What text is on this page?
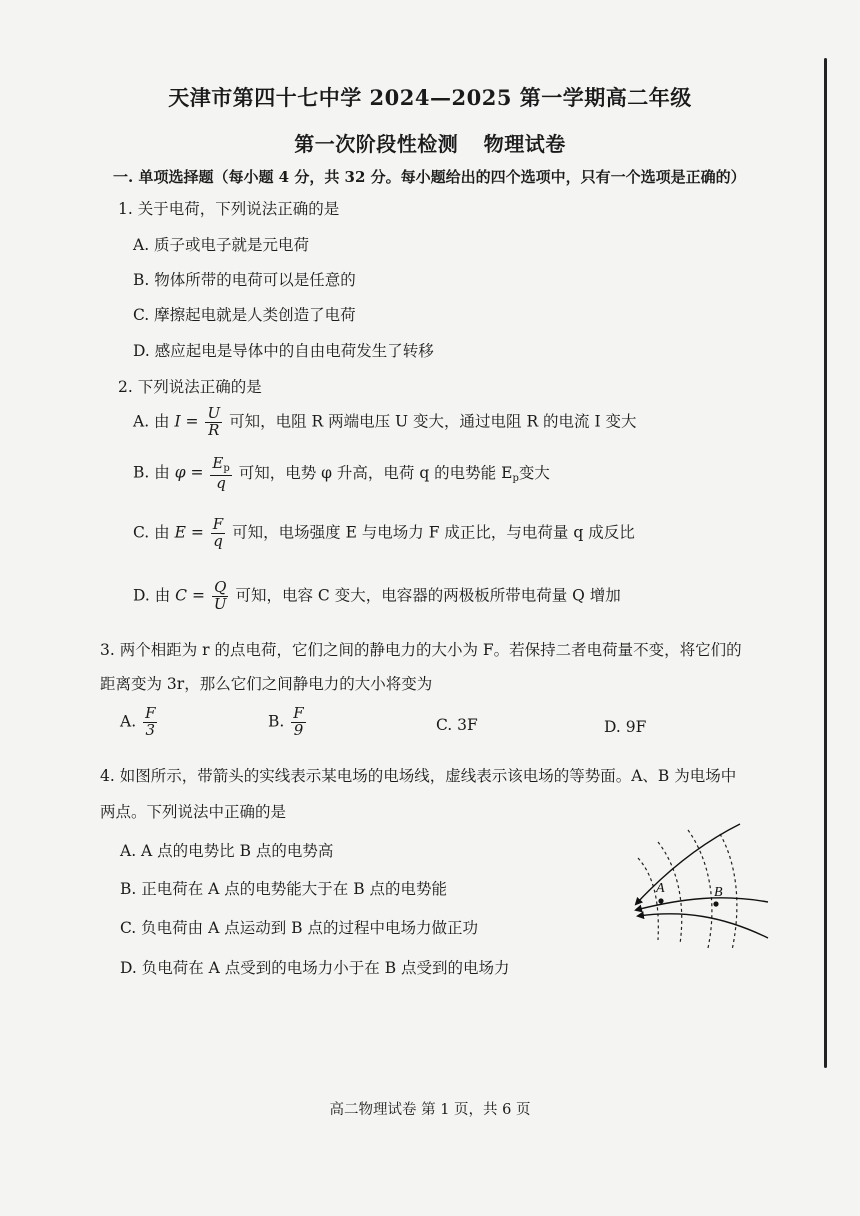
天津市第四十七中学 2024—2025 第一学期高二年级
第一次阶段性检测 物理试卷
一. 单项选择题（每小题 4 分，共 32 分。每小题给出的四个选项中，只有一个选项是正确的）
1. 关于电荷，下列说法正确的是
A. 质子或电子就是元电荷
B. 物体所带的电荷可以是任意的
C. 摩擦起电就是人类创造了电荷
D. 感应起电是导体中的自由电荷发生了转移
2. 下列说法正确的是
A. 由 $I = \frac{U}{R}$ 可知，电阻 R 两端电压 U 变大，通过电阻 R 的电流 I 变大
B. 由 $\varphi = \frac{E_p}{q}$ 可知，电势 φ 升高，电荷 q 的电势能 $E_p$变大
C. 由 $E = \frac{F}{q}$ 可知，电场强度 E 与电场力 F 成正比，与电荷量 q 成反比
D. 由 $C = \frac{Q}{U}$ 可知，电容 C 变大，电容器的两极板所带电荷量 Q 增加
3. 两个相距为 r 的点电荷，它们之间的静电力的大小为 F。若保持二者电荷量不变，将它们的
距离变为 3r，那么它们之间静电力的大小将变为
A. $\frac{F}{3}$	B. $\frac{F}{9}$	C. 3F	D. 9F
4. 如图所示，带箭头的实线表示某电场的电场线，虚线表示该电场的等势面。A、B 为电场中
两点。下列说法中正确的是
A. A 点的电势比 B 点的电势高
B. 正电荷在 A 点的电势能大于在 B 点的电势能
C. 负电荷由 A 点运动到 B 点的过程中电场力做正功
D. 负电荷在 A 点受到的电场力小于在 B 点受到的电场力
A	B
高二物理试卷 第 1 页，共 6 页
